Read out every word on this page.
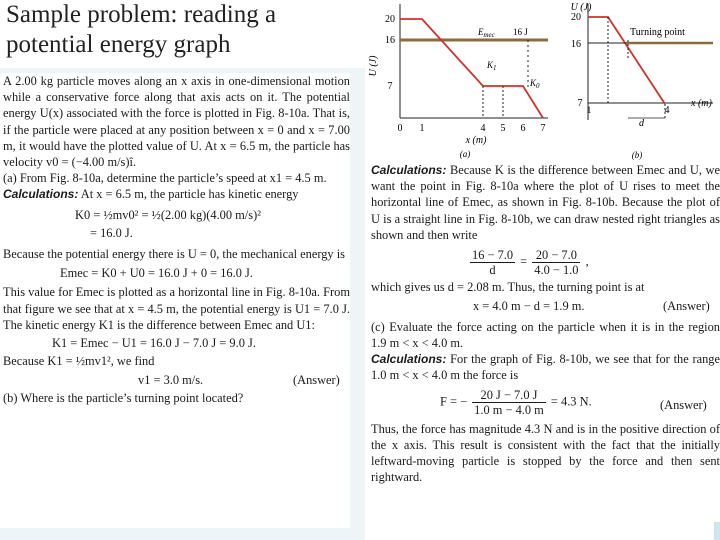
Sample problem: reading a
potential energy graph
U (J)
20
16
7
$E_{mec}$ 16 J
$K_1$
$K_0$
0 1	4 5 6 7
x (m)
(a)
U (J)
20
16
7
Turning point
x (m)
1	4
d
(b)

A 2.00 kg particle moves along an x axis in one-dimensional motion while a conservative force along that axis acts on it. The potential energy U(x) associated with the force is plotted in Fig. 8-10a. That is, if the particle were placed at any position between x = 0 and x = 7.00 m, it would have the plotted value of U. At x = 6.5 m, the particle has velocity v0 = (−4.00 m/s)î.

(a) From Fig. 8-10a, determine the particle’s speed at x1 = 4.5 m.

Calculations: At x = 6.5 m, the particle has kinetic energy

K0 = ½mv0² = ½(2.00 kg)(4.00 m/s)²
= 16.0 J.

Because the potential energy there is U = 0, the mechanical energy is

Emec = K0 + U0 = 16.0 J + 0 = 16.0 J.

This value for Emec is plotted as a horizontal line in Fig. 8-10a. From that figure we see that at x = 4.5 m, the potential energy is U1 = 7.0 J. The kinetic energy K1 is the difference between Emec and U1:

K1 = Emec − U1 = 16.0 J − 7.0 J = 9.0 J.

Because K1 = ½mv1², we find

v1 = 3.0 m/s.	(Answer)

(b) Where is the particle’s turning point located?

Calculations: Because K is the difference between Emec and U, we want the point in Fig. 8-10a where the plot of U rises to meet the horizontal line of Emec, as shown in Fig. 8-10b. Because the plot of U is a straight line in Fig. 8-10b, we can draw nested right triangles as shown and then write

$\frac{16 - 7.0}{d} = \frac{20 - 7.0}{4.0 - 1.0}$ ,

which gives us d = 2.08 m. Thus, the turning point is at

x = 4.0 m − d = 1.9 m.	(Answer)

(c) Evaluate the force acting on the particle when it is in the region 1.9 m < x < 4.0 m.

Calculations: For the graph of Fig. 8-10b, we see that for the range 1.0 m < x < 4.0 m the force is

F = − $\frac{20 J - 7.0 J}{1.0 m - 4.0 m} = 4.3$ N.	(Answer)

Thus, the force has magnitude 4.3 N and is in the positive direction of the x axis. This result is consistent with the fact that the initially leftward-moving particle is stopped by the force and then sent rightward.
